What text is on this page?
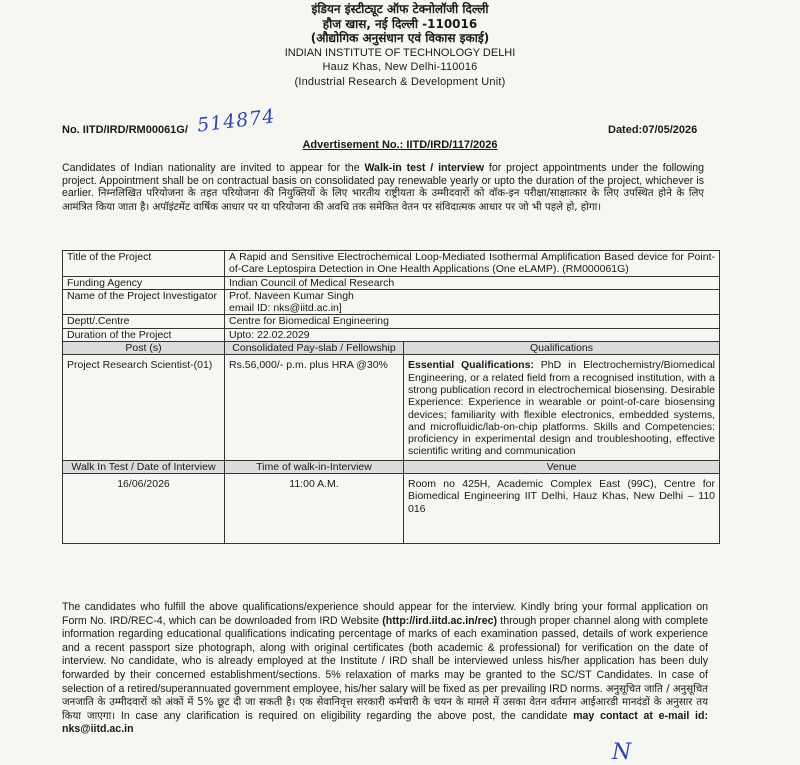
इंडियन इंस्टीट्यूट ऑफ टेक्नोलॉजी दिल्ली
हौज खास, नई दिल्ली -110016
(औद्योगिक अनुसंधान एवं विकास इकाई)
INDIAN INSTITUTE OF TECHNOLOGY DELHI
Hauz Khas, New Delhi-110016
(Industrial Research & Development Unit)
No. IITD/IRD/RM00061G/ 514874	Dated:07/05/2026
Advertisement No.: IITD/IRD/117/2026
Candidates of Indian nationality are invited to appear for the Walk-in test / interview for project appointments under the following project. Appointment shall be on contractual basis on consolidated pay renewable yearly or upto the duration of the project, whichever is earlier. निम्नलिखित परियोजना के तहत परियोजना की नियुक्तियों के लिए भारतीय राष्ट्रीयता के उम्मीदवारों को वॉक-इन परीक्षा/साक्षात्कार के लिए उपस्थित होने के लिए आमंत्रित किया जाता है। अपॉइंटमेंट वार्षिक आधार पर या परियोजना की अवधि तक समेकित वेतन पर संविदात्मक आधार पर जो भी पहले हो, होगा।
Title of the Project	A Rapid and Sensitive Electrochemical Loop-Mediated Isothermal Amplification Based device for Point-of-Care Leptospira Detection in One Health Applications (One eLAMP). (RM000061G)	
Funding Agency	Indian Council of Medical Research	
Name of the Project Investigator	Prof. Naveen Kumar Singh
email ID: nks@iitd.ac.in]	

Deptt/.Centre	Centre for Biomedical Engineering	
Duration of the Project	Upto: 22.02.2029	
Post (s)	Consolidated Pay-slab / Fellowship	Qualifications
Project Research Scientist-(01)	Rs.56,000/- p.m. plus HRA @30%	Essential Qualifications: PhD in Electrochemistry/Biomedical Engineering, or a related field from a recognised institution, with a strong publication record in electrochemical biosensing. Desirable Experience: Experience in wearable or point-of-care biosensing devices; familiarity with flexible electronics, embedded systems, and microfluidic/lab-on-chip platforms. Skills and Competencies: proficiency in experimental design and troubleshooting, effective scientific writing and communication
Walk In Test / Date of Interview	Time of walk-in-Interview	Venue
16/06/2026	11:00 A.M.	Room no 425H, Academic Complex East (99C), Centre for Biomedical Engineering IIT Delhi, Hauz Khas, New Delhi – 110 016
The candidates who fulfill the above qualifications/experience should appear for the interview. Kindly bring your formal application on Form No. IRD/REC-4, which can be downloaded from IRD Website (http://ird.iitd.ac.in/rec) through proper channel along with complete information regarding educational qualifications indicating percentage of marks of each examination passed, details of work experience and a recent passport size photograph, along with original certificates (both academic & professional) for verification on the date of interview. No candidate, who is already employed at the Institute / IRD shall be interviewed unless his/her application has been duly forwarded by their concerned establishment/sections. 5% relaxation of marks may be granted to the SC/ST Candidates. In case of selection of a retired/superannuated government employee, his/her salary will be fixed as per prevailing IRD norms. अनुसूचित जाति / अनुसूचित जनजाति के उम्मीदवारों को अंकों में 5% छूट दी जा सकती है। एक सेवानिवृत्त सरकारी कर्मचारी के चयन के मामले में उसका वेतन वर्तमान आईआरडी मानदंडों के अनुसार तय किया जाएगा। In case any clarification is required on eligibility regarding the above post, the candidate may contact at e-mail id: nks@iitd.ac.in
N
